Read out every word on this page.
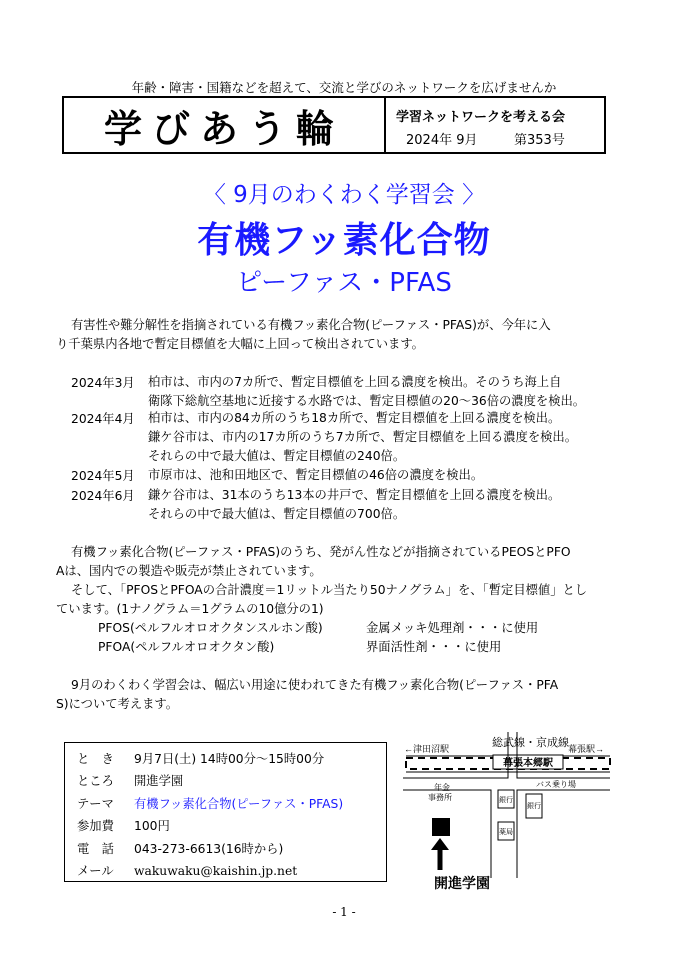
年齢・障害・国籍などを超えて、交流と学びのネットワークを広げませんか
学びあう輪	学習ネットワークを考える会
2024年 9月	第353号
〈 9月のわくわく学習会 〉
有機フッ素化合物
ピーファス・PFAS
有害性や難分解性を指摘されている有機フッ素化合物(ピーファス・PFAS)が、今年に入
り千葉県内各地で暫定目標値を大幅に上回って検出されています。
2024年3月 柏市は、市内の7カ所で、暫定目標値を上回る濃度を検出。そのうち海上自
衛隊下総航空基地に近接する水路では、暫定目標値の20～36倍の濃度を検出。
2024年4月 柏市は、市内の84カ所のうち18カ所で、暫定目標値を上回る濃度を検出。
鎌ケ谷市は、市内の17カ所のうち7カ所で、暫定目標値を上回る濃度を検出。
それらの中で最大値は、暫定目標値の240倍。
2024年5月 市原市は、池和田地区で、暫定目標値の46倍の濃度を検出。
2024年6月 鎌ケ谷市は、31本のうち13本の井戸で、暫定目標値を上回る濃度を検出。
それらの中で最大値は、暫定目標値の700倍。
有機フッ素化合物(ピーファス・PFAS)のうち、発がん性などが指摘されているPEOSとPFO
Aは、国内での製造や販売が禁止されています。
そして、「PFOSとPFOAの合計濃度＝1リットル当たり50ナノグラム」を、「暫定目標値」とし
ています。(1ナノグラム＝1グラムの10億分の1)
PFOS(ペルフルオロオクタンスルホン酸)	金属メッキ処理剤・・・に使用
PFOA(ペルフルオロオクタン酸)	界面活性剤・・・に使用
9月のわくわく学習会は、幅広い用途に使われてきた有機フッ素化合物(ピーファス・PFA
S)について考えます。
と　き 9月7日(土) 14時00分～15時00分
ところ 開進学園
テーマ 有機フッ素化合物(ピーファス・PFAS)
参加費 100円
電　話 043-273-6613(16時から)
メール wakuwaku@kaishin.jp.net
総武線・京成線
←津田沼駅	幕張駅→
幕張本郷駅
年金
事務所	銀行
薬局
バス乗り場
銀行
開進学園
- 1 -
